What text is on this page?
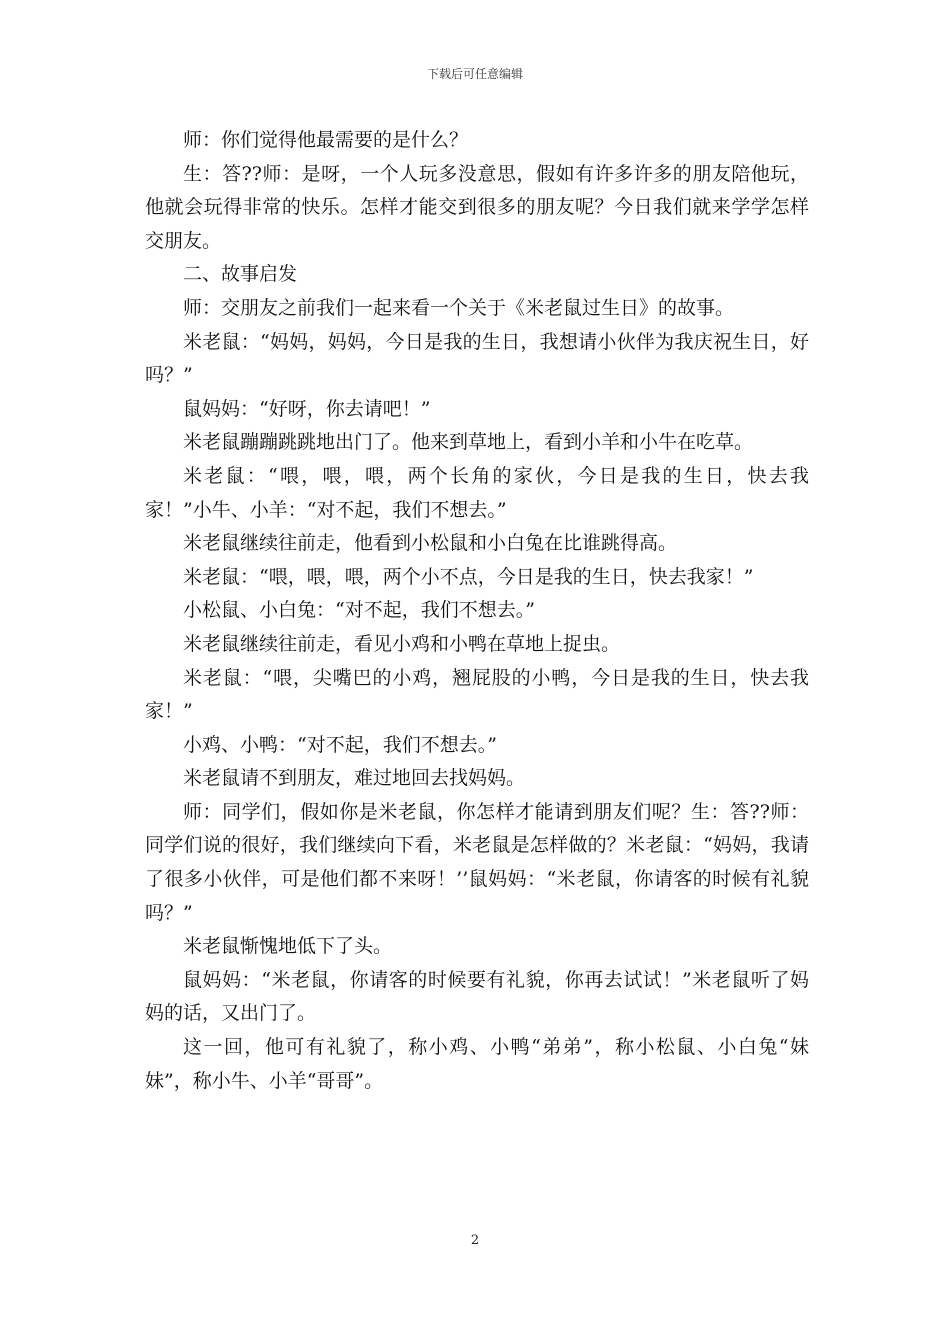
下载后可任意编辑

师：你们觉得他最需要的是什么？

生：答??师：是呀，一个人玩多没意思，假如有许多许多的朋友陪他玩，他就会玩得非常的快乐。怎样才能交到很多的朋友呢？今日我们就来学学怎样交朋友。

二、故事启发

师：交朋友之前我们一起来看一个关于《米老鼠过生日》的故事。

米老鼠：“妈妈，妈妈，今日是我的生日，我想请小伙伴为我庆祝生日，好吗？”

鼠妈妈：“好呀，你去请吧！”

米老鼠蹦蹦跳跳地出门了。他来到草地上，看到小羊和小牛在吃草。

米老鼠：“喂，喂，喂，两个长角的家伙，今日是我的生日，快去我家！”小牛、小羊：“对不起，我们不想去。”

米老鼠继续往前走，他看到小松鼠和小白兔在比谁跳得高。

米老鼠：“喂，喂，喂，两个小不点，今日是我的生日，快去我家！”

小松鼠、小白兔：“对不起，我们不想去。”

米老鼠继续往前走，看见小鸡和小鸭在草地上捉虫。

米老鼠：“喂，尖嘴巴的小鸡，翘屁股的小鸭，今日是我的生日，快去我家！”

小鸡、小鸭：“对不起，我们不想去。”

米老鼠请不到朋友，难过地回去找妈妈。

师：同学们，假如你是米老鼠，你怎样才能请到朋友们呢？生：答??师：同学们说的很好，我们继续向下看，米老鼠是怎样做的？米老鼠：“妈妈，我请了很多小伙伴，可是他们都不来呀！’’鼠妈妈：“米老鼠，你请客的时候有礼貌吗？”

米老鼠惭愧地低下了头。

鼠妈妈：“米老鼠，你请客的时候要有礼貌，你再去试试！”米老鼠听了妈妈的话，又出门了。

这一回，他可有礼貌了，称小鸡、小鸭“弟弟”，称小松鼠、小白兔“妹妹”，称小牛、小羊“哥哥”。

2
